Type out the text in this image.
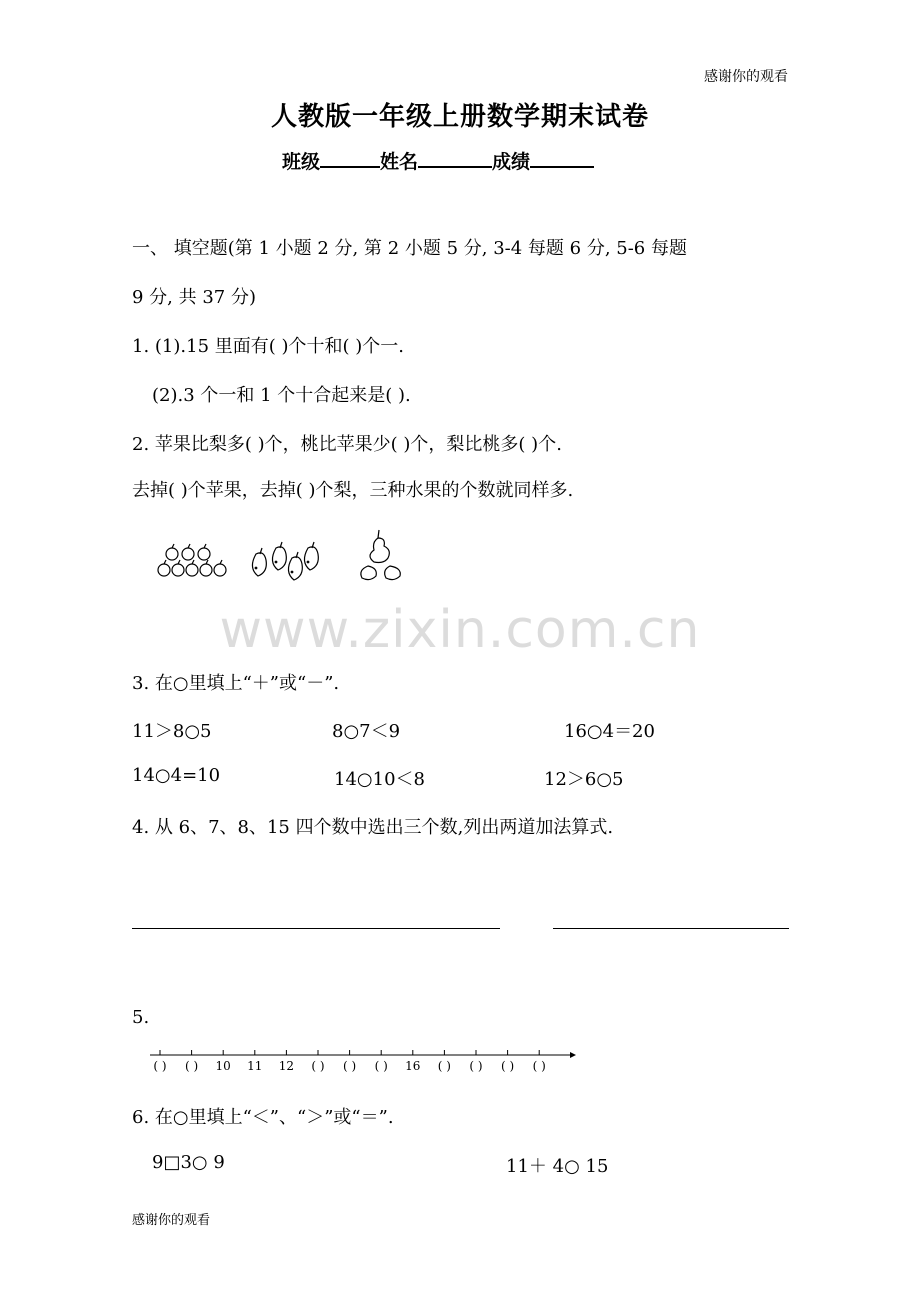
感谢你的观看
人教版一年级上册数学期末试卷
班级	姓名	成绩
一、 填空题(第 1 小题 2 分, 第 2 小题 5 分, 3-4 每题 6 分, 5-6 每题
9 分, 共 37 分)
1. (1).15 里面有( )个十和( )个一.
(2).3 个一和 1 个十合起来是( ).
2. 苹果比梨多( )个，桃比苹果少( )个，梨比桃多( )个.
去掉( )个苹果，去掉( )个梨，三种水果的个数就同样多.
www.zixin.com.cn
3. 在○里填上“＋”或“－”.
11＞8○5	8○7＜9	16○4＝20
14○4=10	14○10＜8	12＞6○5
4. 从 6、7、8、15 四个数中选出三个数,列出两道加法算式.
5.
( ) ( ) 10 11 12 ( ) ( ) ( ) 16 ( ) ( ) ( ) ( )
6. 在○里填上“＜”、“＞”或“＝”.
9□3○ 9	11＋ 4○ 15
感谢你的观看
